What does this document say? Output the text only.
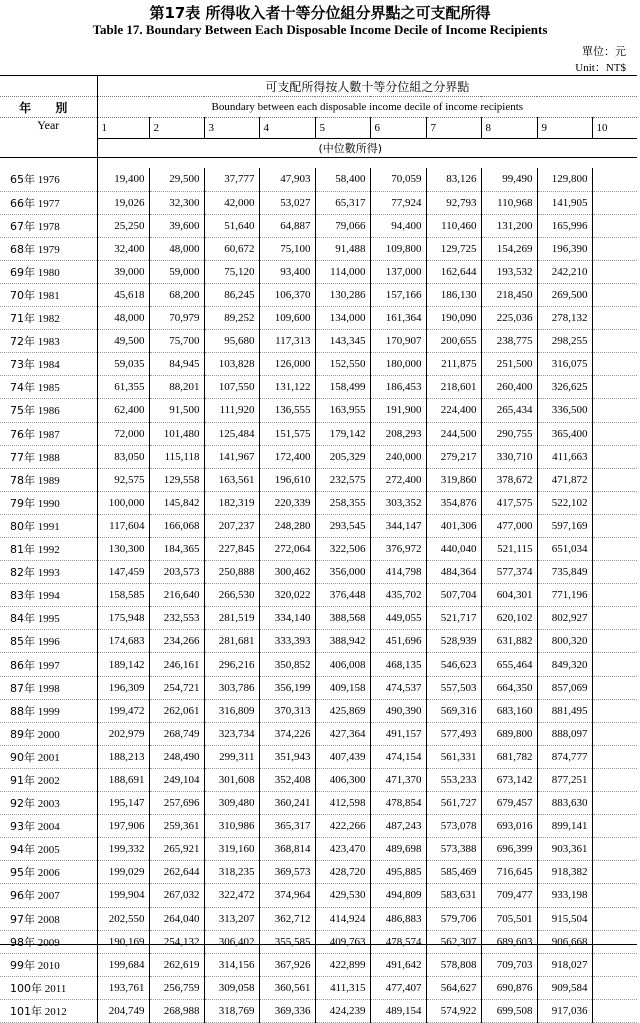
第17表 所得收入者十等分位組分界點之可支配所得
Table 17. Boundary Between Each Disposable Income Decile of Income Recipients
單位：元
Unit：NT$
	可支配所得按人數十等分位組之分界點									
年 別	Boundary between each disposable income decile of income recipients									
Year	1	2	3	4	5	6	7	8	9	10
	(中位數所得)									

65年 1976	19,400	29,500	37,777	47,903	58,400	70,059	83,126	99,490	129,800	
66年 1977	19,026	32,300	42,000	53,027	65,317	77,924	92,793	110,968	141,905	
67年 1978	25,250	39,600	51,640	64,887	79,066	94,400	110,460	131,200	165,996	
68年 1979	32,400	48,000	60,672	75,100	91,488	109,800	129,725	154,269	196,390	
69年 1980	39,000	59,000	75,120	93,400	114,000	137,000	162,644	193,532	242,210	
70年 1981	45,618	68,200	86,245	106,370	130,286	157,166	186,130	218,450	269,500	
71年 1982	48,000	70,979	89,252	109,600	134,000	161,364	190,090	225,036	278,132	
72年 1983	49,500	75,700	95,680	117,313	143,345	170,907	200,655	238,775	298,255	
73年 1984	59,035	84,945	103,828	126,000	152,550	180,000	211,875	251,500	316,075	
74年 1985	61,355	88,201	107,550	131,122	158,499	186,453	218,601	260,400	326,625	
75年 1986	62,400	91,500	111,920	136,555	163,955	191,900	224,400	265,434	336,500	
76年 1987	72,000	101,480	125,484	151,575	179,142	208,293	244,500	290,755	365,400	
77年 1988	83,050	115,118	141,967	172,400	205,329	240,000	279,217	330,710	411,663	
78年 1989	92,575	129,558	163,561	196,610	232,575	272,400	319,860	378,672	471,872	
79年 1990	100,000	145,842	182,319	220,339	258,355	303,352	354,876	417,575	522,102	
80年 1991	117,604	166,068	207,237	248,280	293,545	344,147	401,306	477,000	597,169	
81年 1992	130,300	184,365	227,845	272,064	322,506	376,972	440,040	521,115	651,034	
82年 1993	147,459	203,573	250,888	300,462	356,000	414,798	484,364	577,374	735,849	
83年 1994	158,585	216,640	266,530	320,022	376,448	435,702	507,704	604,301	771,196	
84年 1995	175,948	232,553	281,519	334,140	388,568	449,055	521,717	620,102	802,927	
85年 1996	174,683	234,266	281,681	333,393	388,942	451,696	528,939	631,882	800,320	
86年 1997	189,142	246,161	296,216	350,852	406,008	468,135	546,623	655,464	849,320	
87年 1998	196,309	254,721	303,786	356,199	409,158	474,537	557,503	664,350	857,069	
88年 1999	199,472	262,061	316,809	370,313	425,869	490,390	569,316	683,160	881,495	
89年 2000	202,979	268,749	323,734	374,226	427,364	491,157	577,493	689,800	888,097	
90年 2001	188,213	248,490	299,311	351,943	407,439	474,154	561,331	681,782	874,777	
91年 2002	188,691	249,104	301,608	352,408	406,300	471,370	553,233	673,142	877,251	
92年 2003	195,147	257,696	309,480	360,241	412,598	478,854	561,727	679,457	883,630	
93年 2004	197,906	259,361	310,986	365,317	422,266	487,243	573,078	693,016	899,141	
94年 2005	199,332	265,921	319,160	368,814	423,470	489,698	573,388	696,399	903,361	
95年 2006	199,029	262,644	318,235	369,573	428,720	495,885	585,469	716,645	918,382	
96年 2007	199,904	267,032	322,472	374,964	429,530	494,809	583,631	709,477	933,198	
97年 2008	202,550	264,040	313,207	362,712	414,924	486,883	579,706	705,501	915,504	
98年 2009	190,169	254,132	306,402	355,585	409,763	478,574	562,307	689,603	906,668	
99年 2010	199,684	262,619	314,156	367,926	422,899	491,642	578,808	709,703	918,027	
100年 2011	193,761	256,759	309,058	360,561	411,315	477,407	564,627	690,876	909,584	
101年 2012	204,749	268,988	318,769	369,336	424,239	489,154	574,922	699,508	917,036	
